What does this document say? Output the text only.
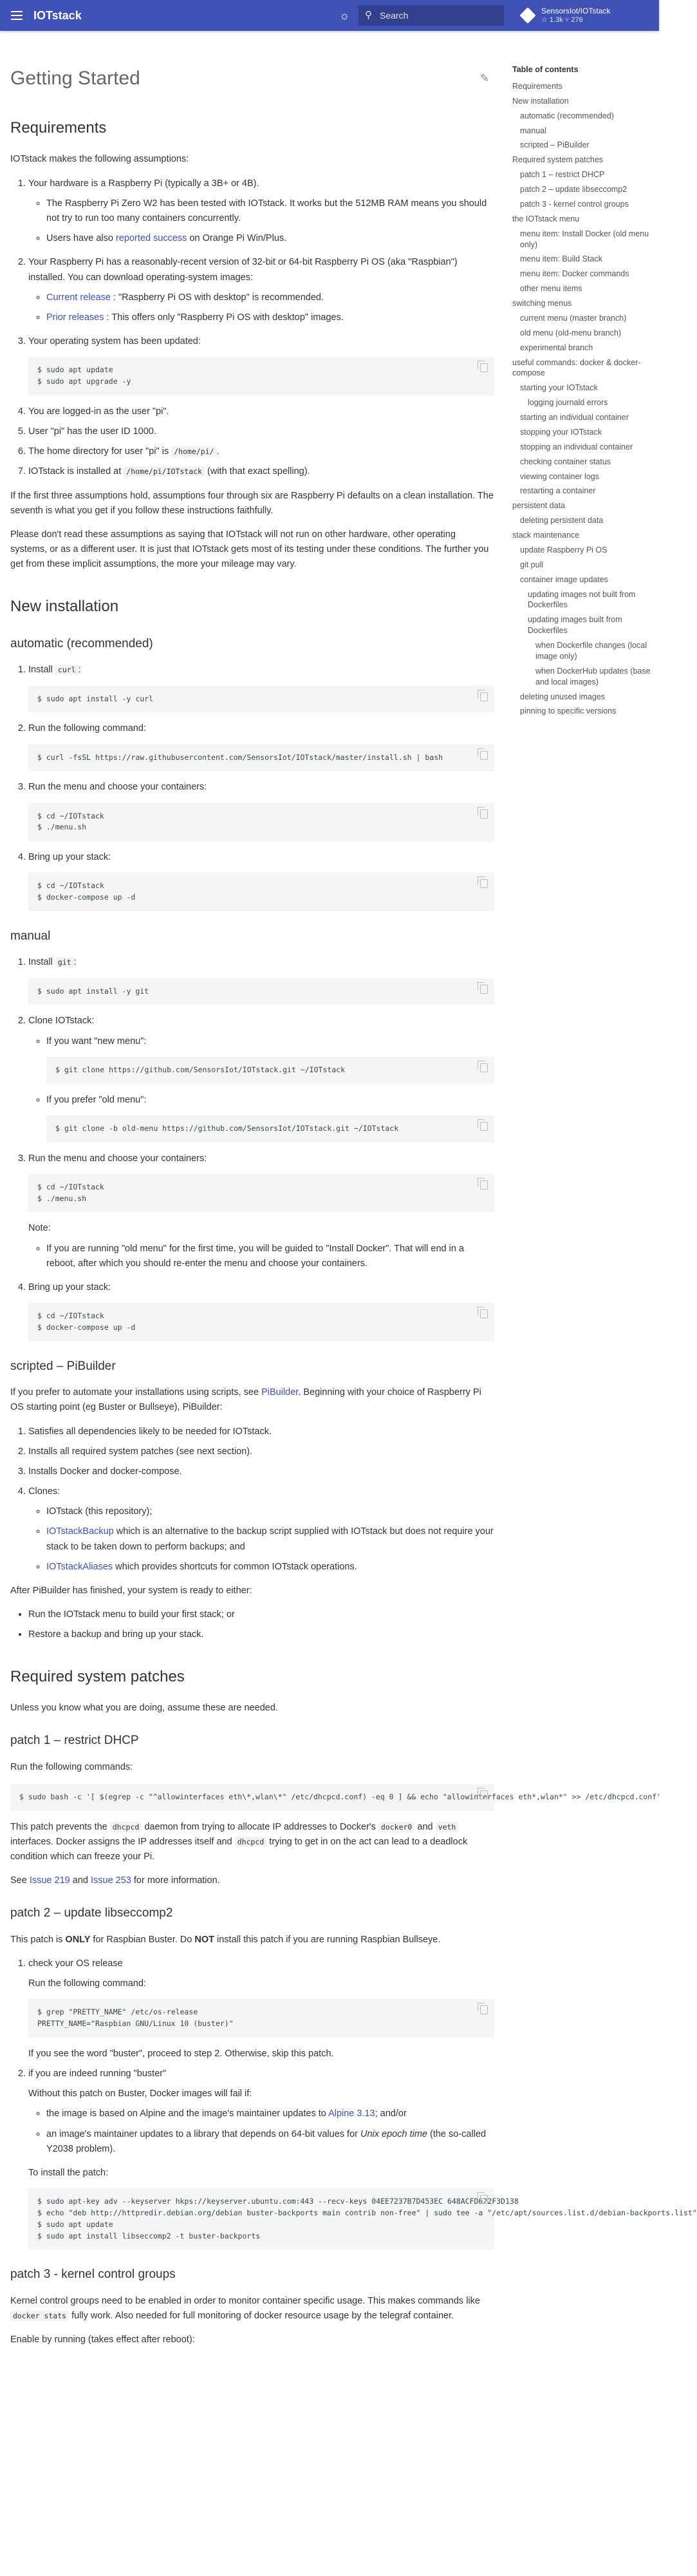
IOTstack	☼	⚲ Search	SensorsIot/IOTstack
☆ 1.3k ⑂ 276
Getting Started	✎
Requirements

IOTstack makes the following assumptions:

1. Your hardware is a Raspberry Pi (typically a 3B+ or 4B).

◦ The Raspberry Pi Zero W2 has been tested with IOTstack. It works but the 512MB RAM means you should not try to run too many containers concurrently.
◦ Users have also reported success on Orange Pi Win/Plus.

2. Your Raspberry Pi has a reasonably-recent version of 32-bit or 64-bit Raspberry Pi OS (aka "Raspbian") installed. You can download operating-system images:

◦ Current release : "Raspberry Pi OS with desktop" is recommended.
◦ Prior releases : This offers only "Raspberry Pi OS with desktop" images.

3. Your operating system has been updated:

$ sudo apt update
$ sudo apt upgrade -y
4. You are logged-in as the user "pi".
5. User "pi" has the user ID 1000.
6. The home directory for user "pi" is /home/pi/ .
7. IOTstack is installed at /home/pi/IOTstack (with that exact spelling).

If the first three assumptions hold, assumptions four through six are Raspberry Pi defaults on a clean installation. The seventh is what you get if you follow these instructions faithfully.

Please don't read these assumptions as saying that IOTstack will not run on other hardware, other operating systems, or as a different user. It is just that IOTstack gets most of its testing under these conditions. The further you get from these implicit assumptions, the more your mileage may vary.

New installation
automatic (recommended)

1. Install curl :

$ sudo apt install -y curl

2. Run the following command:

$ curl -fsSL https://raw.githubusercontent.com/SensorsIot/IOTstack/master/install.sh | bash

3. Run the menu and choose your containers:

$ cd ~/IOTstack
$ ./menu.sh

4. Bring up your stack:

$ cd ~/IOTstack
$ docker-compose up -d
manual

1. Install git :

$ sudo apt install -y git

2. Clone IOTstack:

◦ If you want "new menu":

$ git clone https://github.com/SensorsIot/IOTstack.git ~/IOTstack

◦ If you prefer "old menu":

$ git clone -b old-menu https://github.com/SensorsIot/IOTstack.git ~/IOTstack

3. Run the menu and choose your containers:

$ cd ~/IOTstack
$ ./menu.sh

Note:

◦ If you are running "old menu" for the first time, you will be guided to "Install Docker". That will end in a reboot, after which you should re-enter the menu and choose your containers.

4. Bring up your stack:

$ cd ~/IOTstack
$ docker-compose up -d
scripted – PiBuilder

If you prefer to automate your installations using scripts, see PiBuilder. Beginning with your choice of Raspberry Pi OS starting point (eg Buster or Bullseye), PiBuilder:

1. Satisfies all dependencies likely to be needed for IOTstack.
2. Installs all required system patches (see next section).
3. Installs Docker and docker-compose.

4. Clones:

◦ IOTstack (this repository);
◦ IOTstackBackup which is an alternative to the backup script supplied with IOTstack but does not require your stack to be taken down to perform backups; and
◦ IOTstackAliases which provides shortcuts for common IOTstack operations.

After PiBuilder has finished, your system is ready to either:

• Run the IOTstack menu to build your first stack; or
• Restore a backup and bring up your stack.
Required system patches

Unless you know what you are doing, assume these are needed.

patch 1 – restrict DHCP

Run the following commands:

$ sudo bash -c '[ $(egrep -c "^allowinterfaces eth\*,wlan\*" /etc/dhcpcd.conf) -eq 0 ] && echo "allowinterfaces eth*,wlan*" >> /etc/dhcpcd.conf'

This patch prevents the dhcpcd daemon from trying to allocate IP addresses to Docker's docker0 and veth interfaces. Docker assigns the IP addresses itself and dhcpcd trying to get in on the act can lead to a deadlock condition which can freeze your Pi.

See Issue 219 and Issue 253 for more information.

patch 2 – update libseccomp2

This patch is ONLY for Raspbian Buster. Do NOT install this patch if you are running Raspbian Bullseye.

1. check your OS release

Run the following command:

$ grep "PRETTY_NAME" /etc/os-release
PRETTY_NAME="Raspbian GNU/Linux 10 (buster)"

If you see the word "buster", proceed to step 2. Otherwise, skip this patch.

2. if you are indeed running "buster"

Without this patch on Buster, Docker images will fail if:

◦ the image is based on Alpine and the image's maintainer updates to Alpine 3.13; and/or
◦ an image's maintainer updates to a library that depends on 64-bit values for Unix epoch time (the so-called Y2038 problem).

To install the patch:

$ sudo apt-key adv --keyserver hkps://keyserver.ubuntu.com:443 --recv-keys 04EE7237B7D453EC 648ACFD622F3D138
$ echo "deb http://httpredir.debian.org/debian buster-backports main contrib non-free" | sudo tee -a "/etc/apt/sources.list.d/debian-backports.list"
$ sudo apt update
$ sudo apt install libseccomp2 -t buster-backports
patch 3 - kernel control groups

Kernel control groups need to be enabled in order to monitor container specific usage. This makes commands like docker stats fully work. Also needed for full monitoring of docker resource usage by the telegraf container.

Enable by running (takes effect after reboot):

Table of contents
Requirements
New installation
automatic (recommended)
manual
scripted – PiBuilder
Required system patches
patch 1 – restrict DHCP
patch 2 – update libseccomp2
patch 3 - kernel control groups
the IOTstack menu
menu item: Install Docker (old menu only)
menu item: Build Stack
menu item: Docker commands
other menu items
switching menus
current menu (master branch)
old menu (old-menu branch)
experimental branch
useful commands: docker & docker-compose
starting your IOTstack
logging journald errors
starting an individual container
stopping your IOTstack
stopping an individual container
checking container status
viewing container logs
restarting a container
persistent data
deleting persistent data
stack maintenance
update Raspberry Pi OS
git pull
container image updates
updating images not built from Dockerfiles
updating images built from Dockerfiles
when Dockerfile changes (local image only)
when DockerHub updates (base and local images)
deleting unused images
pinning to specific versions
